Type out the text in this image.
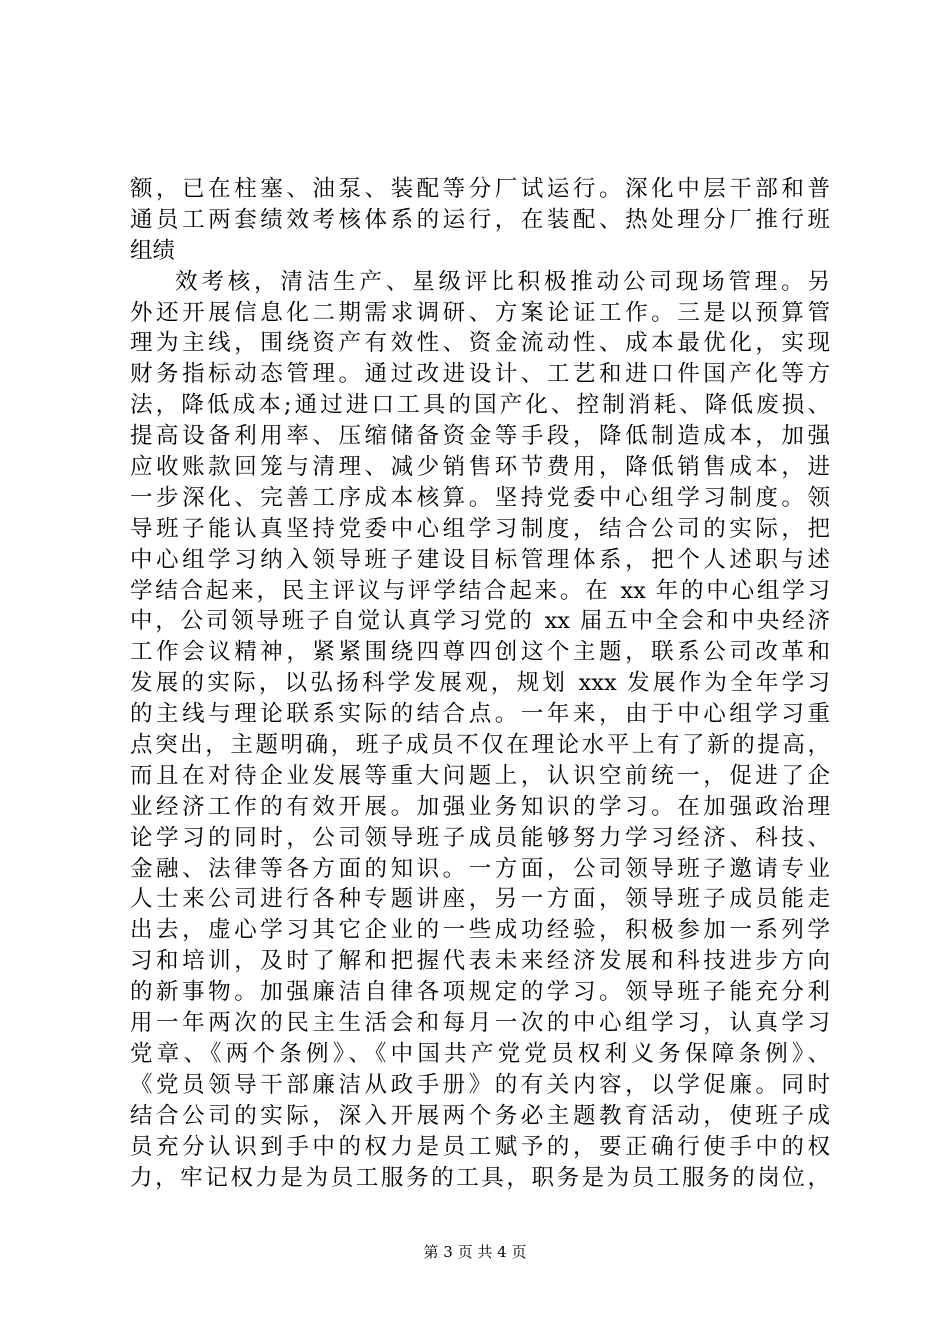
额，已在柱塞、油泵、装配等分厂试运行。深化中层干部和普
通员工两套绩效考核体系的运行，在装配、热处理分厂推行班
组绩
效考核，清洁生产、星级评比积极推动公司现场管理。另
外还开展信息化二期需求调研、方案论证工作。三是以预算管
理为主线，围绕资产有效性、资金流动性、成本最优化，实现
财务指标动态管理。通过改进设计、工艺和进口件国产化等方
法，降低成本;通过进口工具的国产化、控制消耗、降低废损、
提高设备利用率、压缩储备资金等手段，降低制造成本，加强
应收账款回笼与清理、减少销售环节费用，降低销售成本，进
一步深化、完善工序成本核算。坚持党委中心组学习制度。领
导班子能认真坚持党委中心组学习制度，结合公司的实际，把
中心组学习纳入领导班子建设目标管理体系，把个人述职与述
学结合起来，民主评议与评学结合起来。在 xx 年的中心组学习
中，公司领导班子自觉认真学习党的 xx 届五中全会和中央经济
工作会议精神，紧紧围绕四尊四创这个主题，联系公司改革和
发展的实际，以弘扬科学发展观，规划 xxx 发展作为全年学习
的主线与理论联系实际的结合点。一年来，由于中心组学习重
点突出，主题明确，班子成员不仅在理论水平上有了新的提高，
而且在对待企业发展等重大问题上，认识空前统一，促进了企
业经济工作的有效开展。加强业务知识的学习。在加强政治理
论学习的同时，公司领导班子成员能够努力学习经济、科技、
金融、法律等各方面的知识。一方面，公司领导班子邀请专业
人士来公司进行各种专题讲座，另一方面，领导班子成员能走
出去，虚心学习其它企业的一些成功经验，积极参加一系列学
习和培训，及时了解和把握代表未来经济发展和科技进步方向
的新事物。加强廉洁自律各项规定的学习。领导班子能充分利
用一年两次的民主生活会和每月一次的中心组学习，认真学习
党章、《两个条例》、《中国共产党党员权利义务保障条例》、
《党员领导干部廉洁从政手册》的有关内容，以学促廉。同时
结合公司的实际，深入开展两个务必主题教育活动，使班子成
员充分认识到手中的权力是员工赋予的，要正确行使手中的权
力，牢记权力是为员工服务的工具，职务是为员工服务的岗位，
第 3 页 共 4 页
